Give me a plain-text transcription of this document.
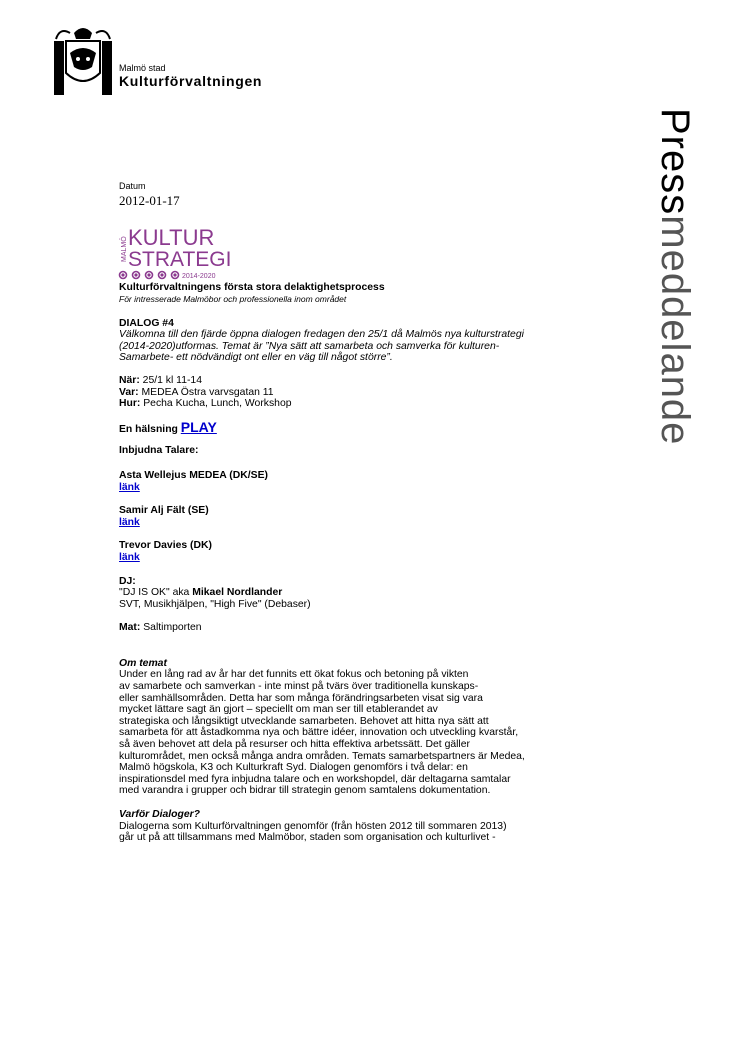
Malmö stad
Kulturförvaltningen
Pressmeddelande
Datum
2012-01-17
MALMÖ KULTUR
STRATEGI
2014-2020

Kulturförvaltningens första stora delaktighetsprocess

För intresserade Malmöbor och professionella inom området

DIALOG #4

Välkomna till den fjärde öppna dialogen fredagen den 25/1 då Malmös nya kulturstrategi

(2014-2020)utformas. Temat är ”Nya sätt att samarbeta och samverka för kulturen-

Samarbete- ett nödvändigt ont eller en väg till något större”.

När: 25/1 kl 11-14

Var: MEDEA Östra varvsgatan 11

Hur: Pecha Kucha, Lunch, Workshop

En hälsning PLAY

Inbjudna Talare:

Asta Wellejus MEDEA (DK/SE)

länk

Samir Alj Fält (SE)

länk

Trevor Davies (DK)

länk

DJ:

"DJ IS OK" aka Mikael Nordlander

SVT, Musikhjälpen, "High Five" (Debaser)

Mat: Saltimporten

Om temat

Under en lång rad av år har det funnits ett ökat fokus och betoning på vikten

av samarbete och samverkan - inte minst på tvärs över traditionella kunskaps-

eller samhällsområden. Detta har som många förändringsarbeten visat sig vara

mycket lättare sagt än gjort – speciellt om man ser till etablerandet av

strategiska och långsiktigt utvecklande samarbeten. Behovet att hitta nya sätt att

samarbeta för att åstadkomma nya och bättre idéer, innovation och utveckling kvarstår,

så även behovet att dela på resurser och hitta effektiva arbetssätt. Det gäller

kulturområdet, men också många andra områden. Temats samarbetspartners är Medea,

Malmö högskola, K3 och Kulturkraft Syd. Dialogen genomförs i två delar: en

inspirationsdel med fyra inbjudna talare och en workshopdel, där deltagarna samtalar

med varandra i grupper och bidrar till strategin genom samtalens dokumentation.

Varför Dialoger?

Dialogerna som Kulturförvaltningen genomför (från hösten 2012 till sommaren 2013)

går ut på att tillsammans med Malmöbor, staden som organisation och kulturlivet -
